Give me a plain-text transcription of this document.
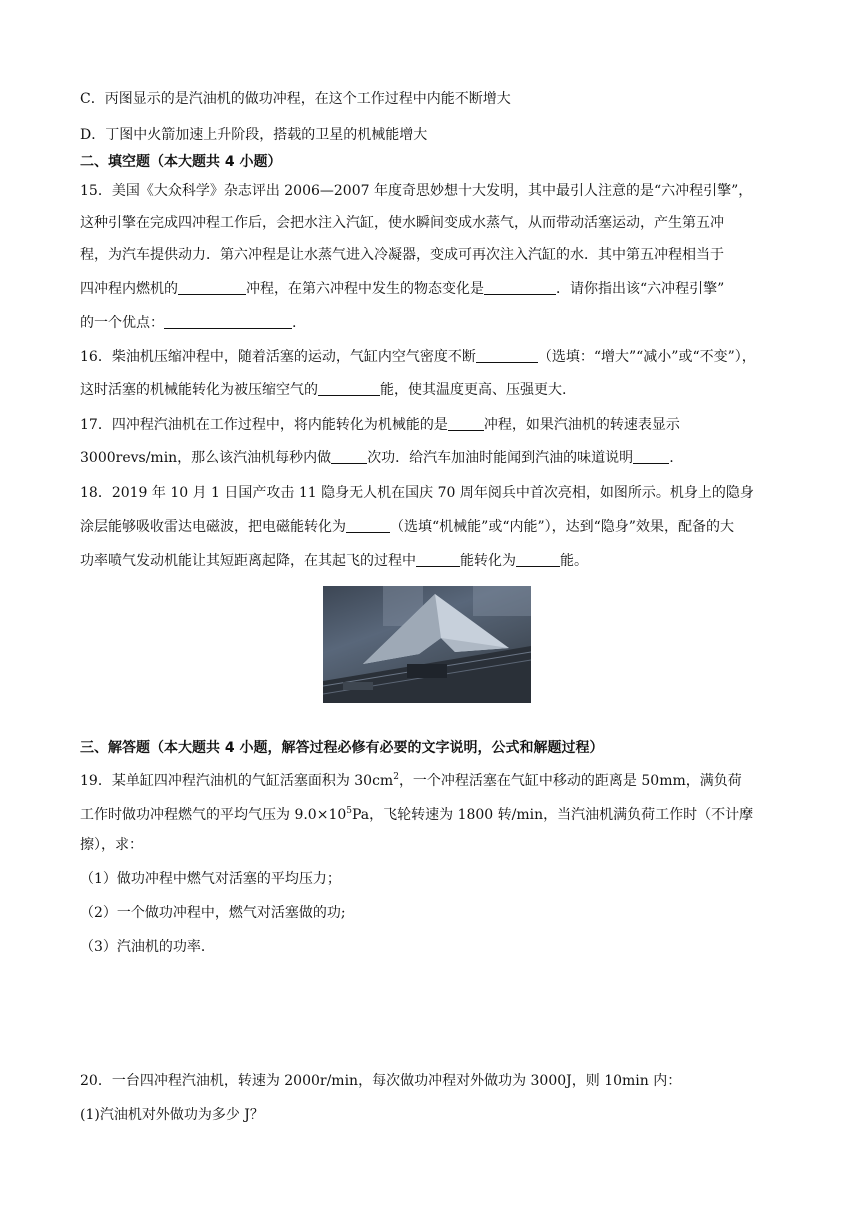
C．丙图显示的是汽油机的做功冲程，在这个工作过程中内能不断增大
D．丁图中火箭加速上升阶段，搭载的卫星的机械能增大
二、填空题（本大题共 4 小题）
15．美国《大众科学》杂志评出 2006—2007 年度奇思妙想十大发明，其中最引人注意的是“六冲程引擎”，
这种引擎在完成四冲程工作后，会把水注入汽缸，使水瞬间变成水蒸气，从而带动活塞运动，产生第五冲
程，为汽车提供动力．第六冲程是让水蒸气进入冷凝器，变成可再次注入汽缸的水．其中第五冲程相当于
四冲程内燃机的	冲程，在第六冲程中发生的物态变化是	．请你指出该“六冲程引擎”
的一个优点：	.
16．柴油机压缩冲程中，随着活塞的运动，气缸内空气密度不断	（选填：“增大”“减小”或“不变”），
这时活塞的机械能转化为被压缩空气的	能，使其温度更高、压强更大.
17．四冲程汽油机在工作过程中，将内能转化为机械能的是	冲程，如果汽油机的转速表显示
3000revs/min，那么该汽油机每秒内做	次功．给汽车加油时能闻到汽油的味道说明	.
18．2019 年 10 月 1 日国产攻击 11 隐身无人机在国庆 70 周年阅兵中首次亮相，如图所示。机身上的隐身
涂层能够吸收雷达电磁波，把电磁能转化为	（选填“机械能”或“内能”），达到“隐身”效果，配备的大
功率喷气发动机能让其短距离起降，在其起飞的过程中	能转化为	能。
三、解答题（本大题共 4 小题，解答过程必修有必要的文字说明，公式和解题过程）
19．某单缸四冲程汽油机的气缸活塞面积为 $30cm^2$，一个冲程活塞在气缸中移动的距离是 50mm，满负荷
工作时做功冲程燃气的平均气压为 $9.0\times 10^5Pa$，飞轮转速为 1800 转/min，当汽油机满负荷工作时（不计摩
擦），求：
（1）做功冲程中燃气对活塞的平均压力；
（2）一个做功冲程中，燃气对活塞做的功;
（3）汽油机的功率．
20．一台四冲程汽油机，转速为 2000r/min，每次做功冲程对外做功为 3000J，则 10min 内：
(1)汽油机对外做功为多少 J？
